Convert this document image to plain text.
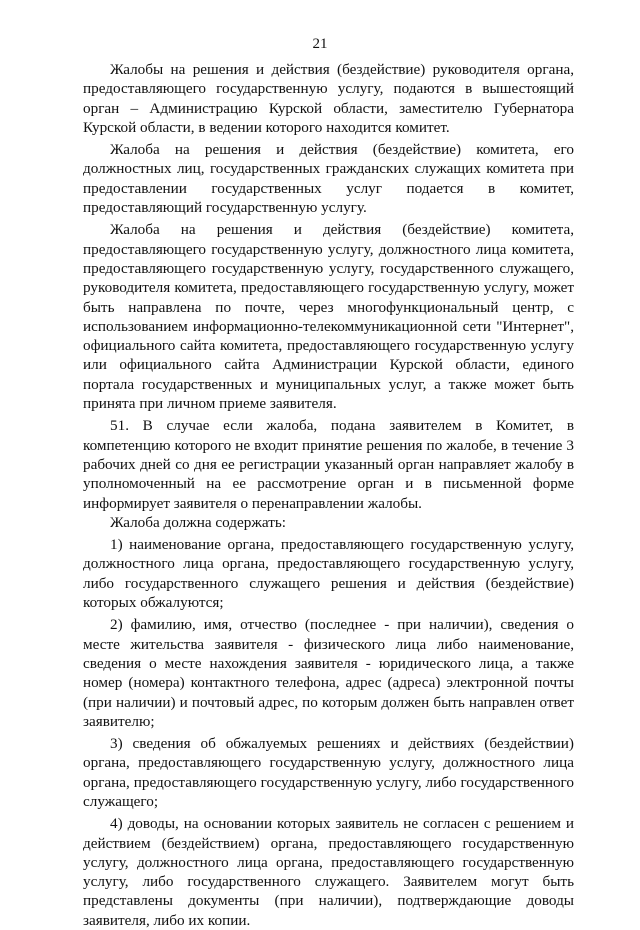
21

Жалобы на решения и действия (бездействие) руководителя органа, предоставляющего государственную услугу, подаются в вышестоящий орган – Администрацию Курской области, заместителю Губернатора Курской области, в ведении которого находится комитет.

Жалоба на решения и действия (бездействие) комитета, его должностных лиц, государственных гражданских служащих комитета при предоставлении государственных услуг подается в комитет, предоставляющий государственную услугу.

Жалоба на решения и действия (бездействие) комитета, предоставляющего государственную услугу, должностного лица комитета, предоставляющего государственную услугу, государственного служащего, руководителя комитета, предоставляющего государственную услугу, может быть направлена по почте, через многофункциональный центр, с использованием информационно-телекоммуникационной сети "Интернет", официального сайта комитета, предоставляющего государственную услугу или официального сайта Администрации Курской области, единого портала государственных и муниципальных услуг, а также может быть принята при личном приеме заявителя.

51. В случае если жалоба, подана заявителем в Комитет, в компетенцию которого не входит принятие решения по жалобе, в течение 3 рабочих дней со дня ее регистрации указанный орган направляет жалобу в уполномоченный на ее рассмотрение орган и в письменной форме информирует заявителя о перенаправлении жалобы.

Жалоба должна содержать:

1) наименование органа, предоставляющего государственную услугу, должностного лица органа, предоставляющего государственную услугу, либо государственного служащего решения и действия (бездействие) которых обжалуются;

2) фамилию, имя, отчество (последнее - при наличии), сведения о месте жительства заявителя - физического лица либо наименование, сведения о месте нахождения заявителя - юридического лица, а также номер (номера) контактного телефона, адрес (адреса) электронной почты (при наличии) и почтовый адрес, по которым должен быть направлен ответ заявителю;

3) сведения об обжалуемых решениях и действиях (бездействии) органа, предоставляющего государственную услугу, должностного лица органа, предоставляющего государственную услугу, либо государственного служащего;

4) доводы, на основании которых заявитель не согласен с решением и действием (бездействием) органа, предоставляющего государственную услугу, должностного лица органа, предоставляющего государственную услугу, либо государственного служащего. Заявителем могут быть представлены документы (при наличии), подтверждающие доводы заявителя, либо их копии.
